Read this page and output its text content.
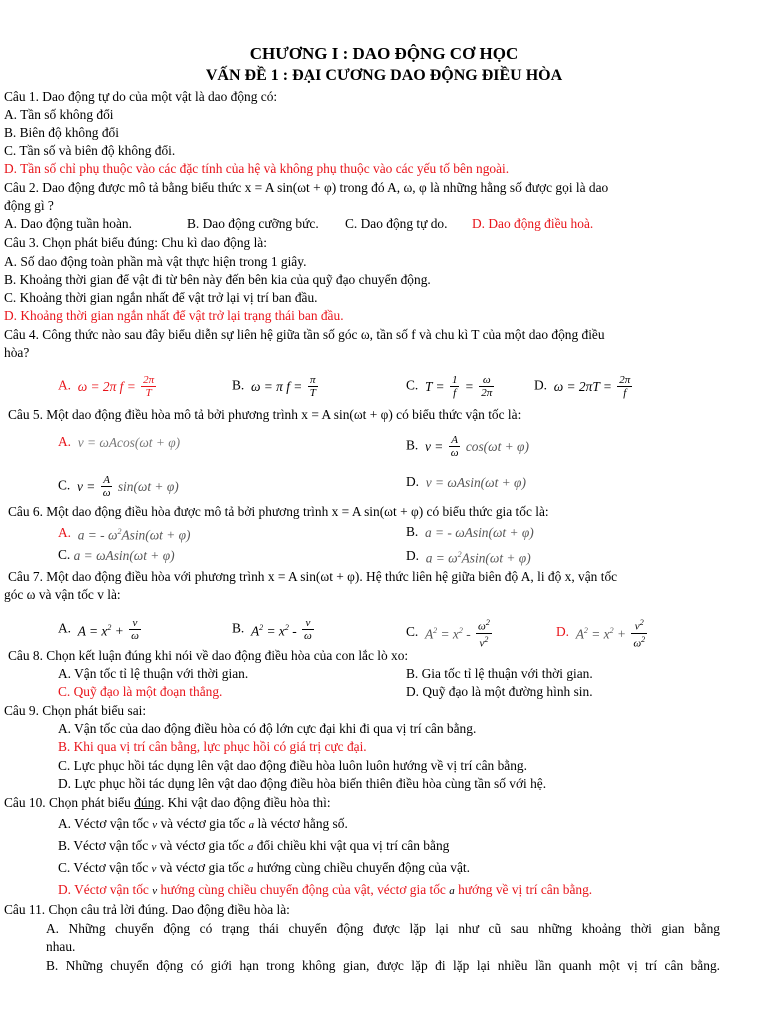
CHƯƠNG I : DAO ĐỘNG CƠ HỌC
VẤN ĐỀ 1 : ĐẠI CƯƠNG DAO ĐỘNG ĐIỀU HÒA
Câu 1. Dao động tự do của một vật là dao động có:
A. Tần số không đổi
B. Biên độ không đổi
C. Tần số và biên độ không đổi.
D. Tần số chỉ phụ thuộc vào các đặc tính của hệ và không phụ thuộc vào các yếu tố bên ngoài.
Câu 2. Dao động được mô tả bằng biểu thức x = A sin(ωt + φ) trong đó A, ω, φ là những hằng số được gọi là dao
động gì ?
A. Dao động tuần hoàn.	B. Dao động cưỡng bức. C. Dao động tự do. D. Dao động điều hoà.
Câu 3. Chọn phát biểu đúng: Chu kì dao động là:
A. Số dao động toàn phần mà vật thực hiện trong 1 giây.
B. Khoảng thời gian để vật đi từ bên này đến bên kia của quỹ đạo chuyển động.
C. Khoảng thời gian ngắn nhất để vật trở lại vị trí ban đầu.
D. Khoảng thời gian ngắn nhất để vật trở lại trạng thái ban đầu.
Câu 4. Công thức nào sau đây biểu diễn sự liên hệ giữa tần số góc ω, tần số f và chu kì T của một dao động điều
hòa?
A.  ω = 2π $f = \frac{2\pi}{T}$	B.  ω = π $f = \frac{\pi}{T}$	C.  $T = \frac{1}{f} = \frac{\omega}{2\pi}$	D.  $\omega = 2\pi T = \frac{2\pi}{f}$
Câu 5. Một dao động điều hòa mô tả bởi phương trình x = A sin(ωt + φ) có biểu thức vận tốc là:
A.  v = ωAcos(ωt + φ)	B.  $v = \frac{A}{\omega} \cos(\omega t + \varphi)$
C.  $v = \frac{A}{\omega} \sin(\omega t + \varphi)$	D.  v = ωAsin(ωt + φ)
Câu 6. Một dao động điều hòa được mô tả bởi phương trình x = A sin(ωt + φ) có biểu thức gia tốc là:
A.  a = - $\omega^2Asin(\omega t + \varphi)$	B.  a = - ωAsin(ωt + φ)
C. a = ωAsin(ωt + φ)	D.  $a = \omega^2Asin(\omega t + \varphi)$
Câu 7. Một dao động điều hòa với phương trình x = A sin(ωt + φ). Hệ thức liên hệ giữa biên độ A, li độ x, vận tốc
góc ω và vận tốc v là:
A.  $A = x^2 + \frac{v}{\omega}$	B.  $A^2 = x^2 - \frac{v}{\omega}$	C.  $A^2 = x^2 - \frac{\omega^2}{v^2}$	D.  $A^2 = x^2 + \frac{v^2}{\omega^2}$
Câu 8. Chọn kết luận đúng khi nói về dao động điều hòa của con lắc lò xo:
A. Vận tốc tỉ lệ thuận với thời gian.	B. Gia tốc tỉ lệ thuận với thời gian.
C. Quỹ đạo là một đoạn thẳng.	D. Quỹ đạo là một đường hình sin.
Câu 9. Chọn phát biểu sai:
A. Vận tốc của dao động điều hòa có độ lớn cực đại khi đi qua vị trí cân bằng.
B. Khi qua vị trí cân bằng, lực phục hồi có giá trị cực đại.
C. Lực phục hồi tác dụng lên vật dao động điều hòa luôn luôn hướng về vị trí cân bằng.
D. Lực phục hồi tác dụng lên vật dao động điều hòa biến thiên điều hòa cùng tần số với hệ.
Câu 10. Chọn phát biểu đúng. Khi vật dao động điều hòa thì:
A. Véctơ vận tốc v và véctơ gia tốc a là véctơ hằng số.
B. Véctơ vận tốc v và véctơ gia tốc a đổi chiều khi vật qua vị trí cân bằng
C. Véctơ vận tốc v và véctơ gia tốc a hướng cùng chiều chuyển động của vật.
D. Véctơ vận tốc v hướng cùng chiều chuyển động của vật, véctơ gia tốc a hướng về vị trí cân bằng.
Câu 11. Chọn câu trả lời đúng. Dao động điều hòa là:
A. Những chuyển động có trạng thái chuyển động được lặp lại như cũ sau những khoảng thời gian bằng
nhau.
B. Những chuyển động có giới hạn trong không gian, được lặp đi lặp lại nhiều lần quanh một vị trí cân bằng.
